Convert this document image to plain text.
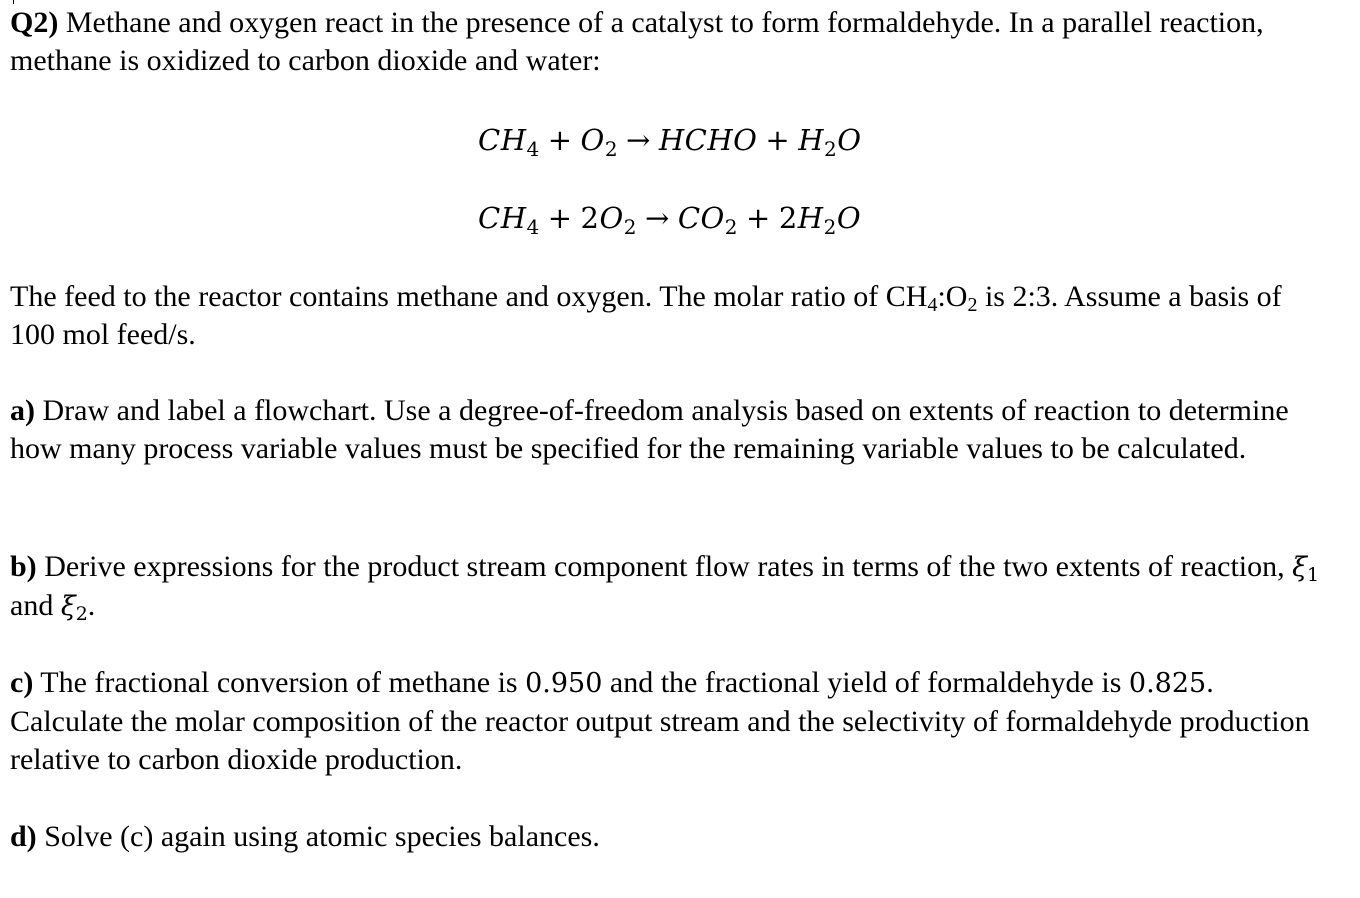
Q2) Methane and oxygen react in the presence of a catalyst to form formaldehyde. In a parallel reaction, methane is oxidized to carbon dioxide and water:

$CH_4 + O_2$ → HCHO + $H_2O$
$CH_4 + 2O_2 \to CO_2 + 2H_2O$

The feed to the reactor contains methane and oxygen. The molar ratio of $CH_4:O_2$ is 2:3. Assume a basis of 100 mol feed/s.

a) Draw and label a flowchart. Use a degree-of-freedom analysis based on extents of reaction to determine how many process variable values must be specified for the remaining variable values to be calculated.

b) Derive expressions for the product stream component flow rates in terms of the two extents of reaction, $\xi_1$  and $\xi_2$.

c) The fractional conversion of methane is 0.950 and the fractional yield of formaldehyde is 0.825. Calculate the molar composition of the reactor output stream and the selectivity of formaldehyde production relative to carbon dioxide production.

d) Solve (c) again using atomic species balances.
